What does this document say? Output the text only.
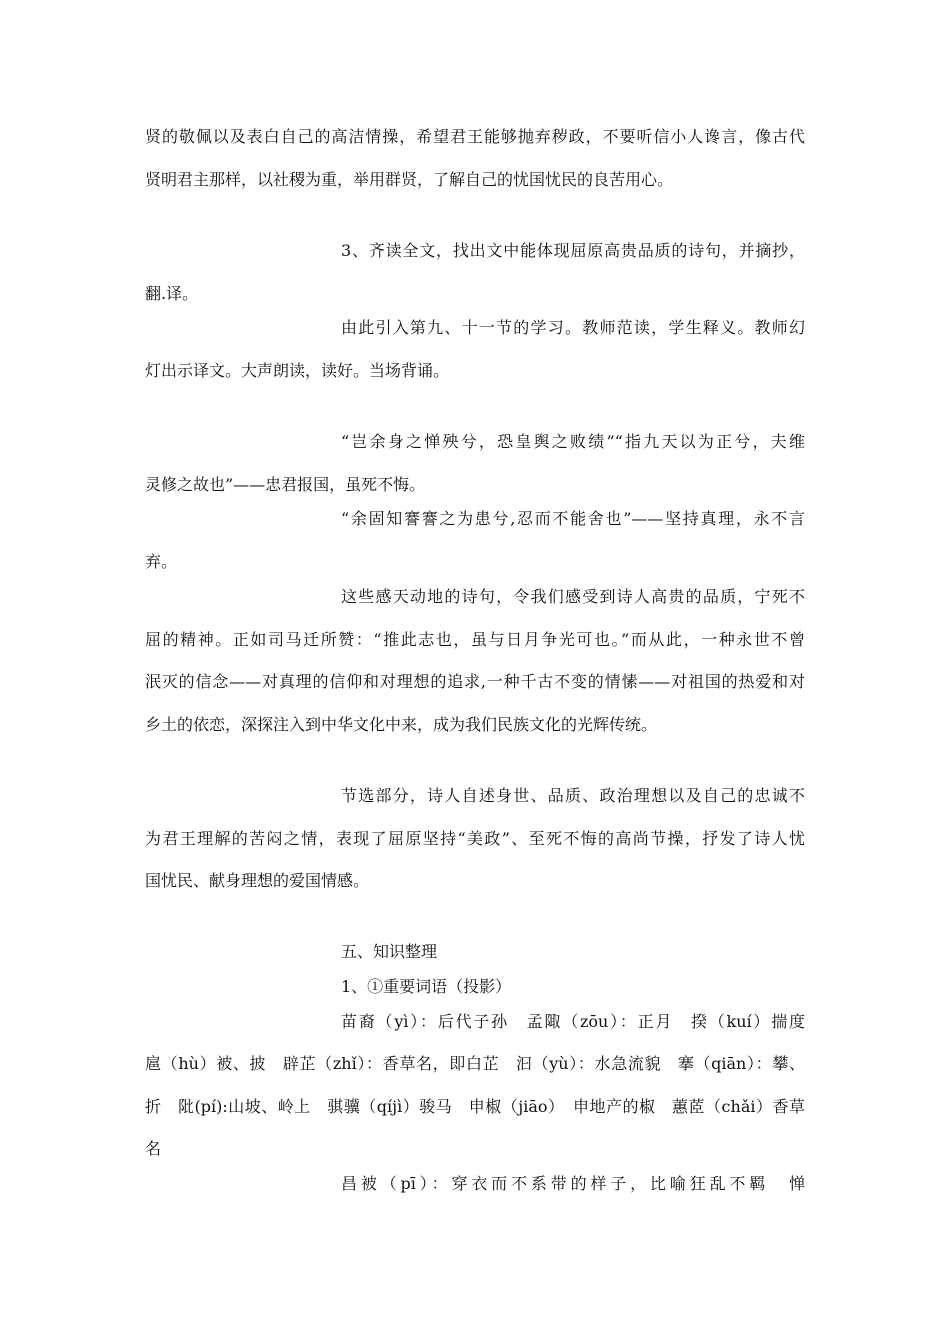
贤的敬佩以及表白自己的高洁情操，希望君王能够抛弃秽政，不要听信小人谗言，像古代
贤明君主那样，以社稷为重，举用群贤，了解自己的忧国忧民的良苦用心。
3、齐读全文，找出文中能体现屈原高贵品质的诗句，并摘抄，
翻.译。
由此引入第九、十一节的学习。教师范读，学生释义。教师幻
灯出示译文。大声朗读，读好。当场背诵。
“岂余身之惮殃兮，恐皇舆之败绩”“指九天以为正兮，夫维
灵修之故也”——忠君报国，虽死不悔。
“余固知謇謇之为患兮,忍而不能舍也”——坚持真理，永不言
弃。
这些感天动地的诗句，令我们感受到诗人高贵的品质，宁死不
屈的精神。正如司马迁所赞：“推此志也，虽与日月争光可也。”而从此，一种永世不曾
泯灭的信念——对真理的信仰和对理想的追求,一种千古不变的情愫——对祖国的热爱和对
乡土的依恋，深探注入到中华文化中来，成为我们民族文化的光辉传统。
节选部分，诗人自述身世、品质、政治理想以及自己的忠诚不
为君王理解的苦闷之情，表现了屈原坚持“美政”、至死不悔的高尚节操，抒发了诗人忧
国忧民、献身理想的爱国情感。
五、知识整理
1、①重要词语（投影）
苗裔（yì）：后代子孙　孟陬（zōu）：正月　揆（kuí）揣度
扈（hù）被、披　辟芷（zhǐ）：香草名，即白芷　汩（yù）：水急流貌　搴（qiān）：攀、
折　阰(pí):山坡、岭上　骐骥（qíjì）骏马　申椒（jiāo）　申地产的椒　蕙茝（chǎi）香草
名
昌被（pī）：穿衣而不系带的样子，比喻狂乱不羁　惮
